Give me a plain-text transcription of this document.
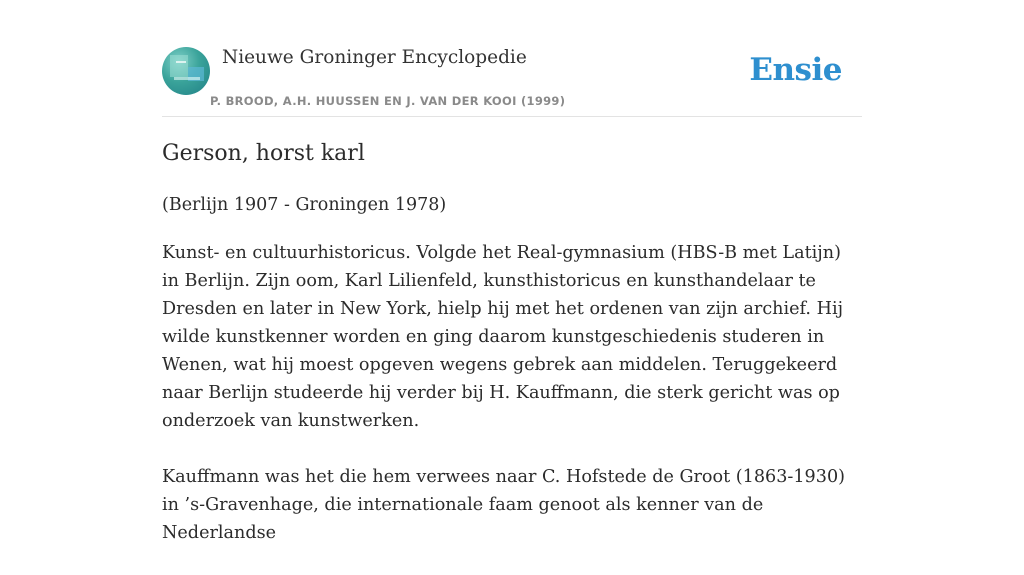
Nieuwe Groninger Encyclopedie
P. BROOD, A.H. HUUSSEN EN J. VAN DER KOOI (1999)
Ensie
Gerson, horst karl

(Berlijn 1907 - Groningen 1978)

Kunst- en cultuurhistoricus. Volgde het Real-gymnasium (HBS-B met Latijn) in Berlijn. Zijn oom, Karl Lilienfeld, kunsthistoricus en kunsthandelaar te Dresden en later in New York, hielp hij met het ordenen van zijn archief. Hij wilde kunstkenner worden en ging daarom kunstgeschiedenis studeren in Wenen, wat hij moest opgeven wegens gebrek aan middelen. Teruggekeerd naar Berlijn studeerde hij verder bij H. Kauffmann, die sterk gericht was op onderzoek van kunstwerken.

Kauffmann was het die hem verwees naar C. Hofstede de Groot (1863-1930) in ’s-Gravenhage, die internationale faam genoot als kenner van de Nederlandse
